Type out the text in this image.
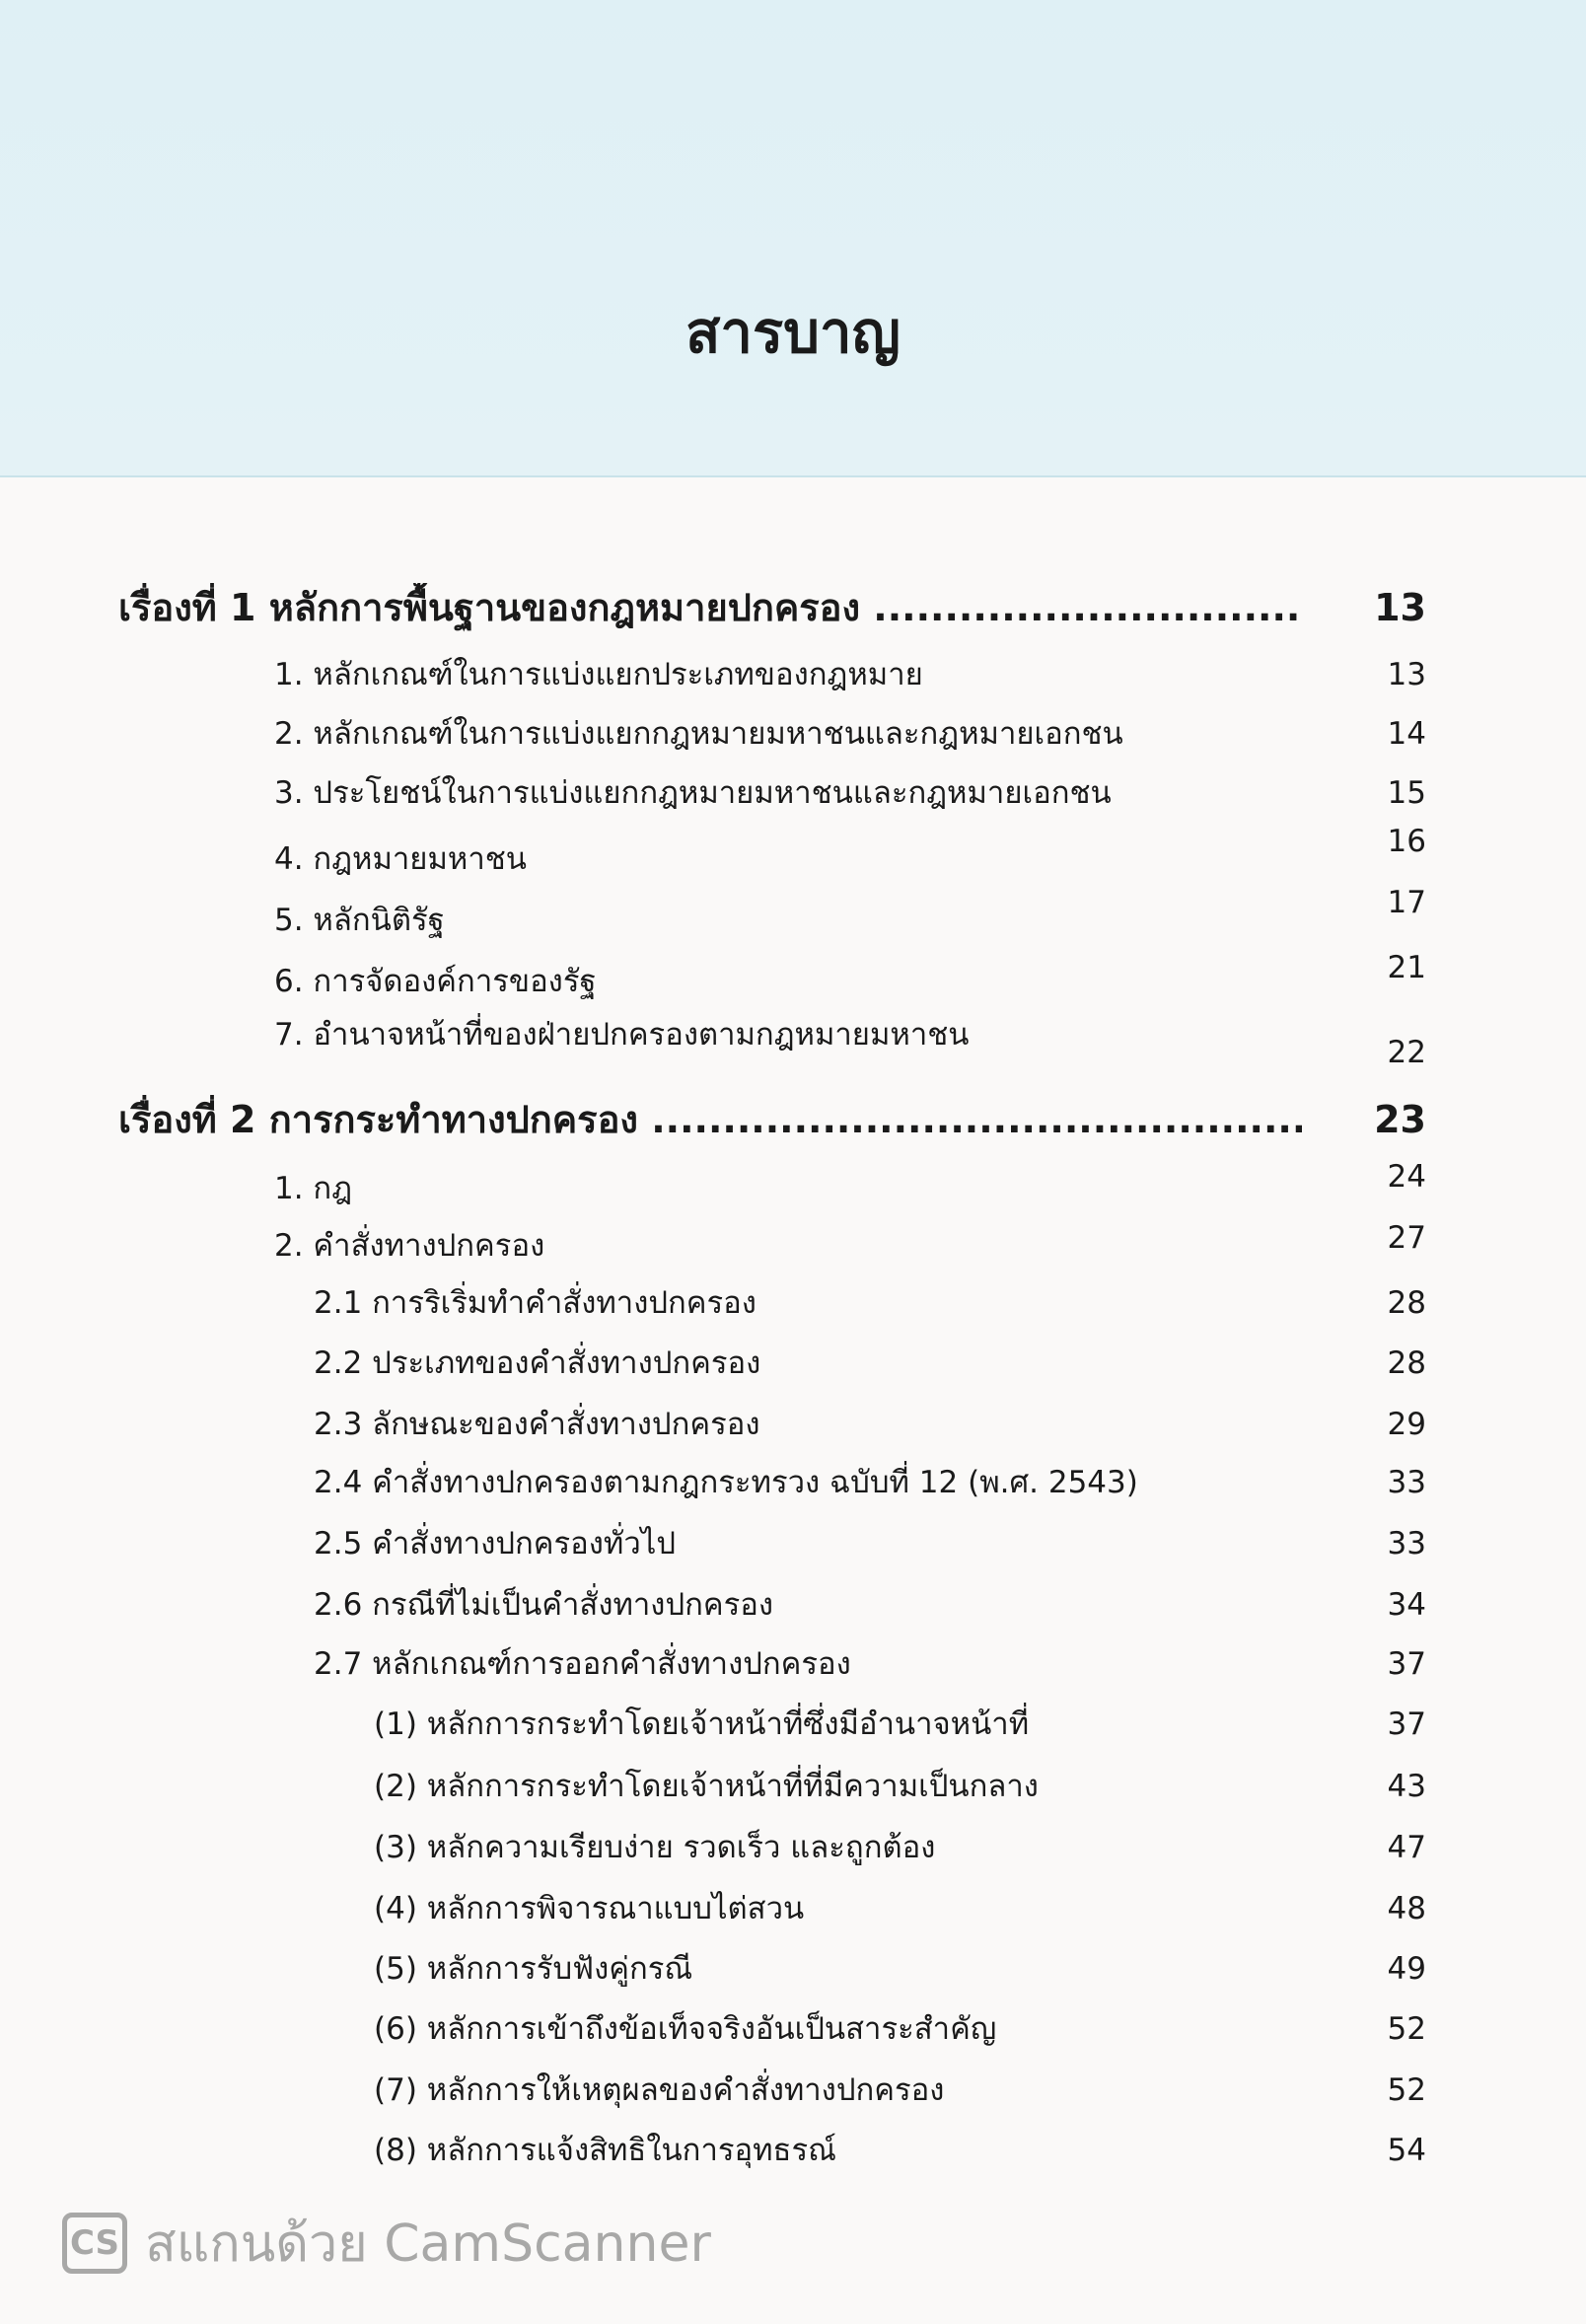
สารบาญ
เรื่องที่ 1 หลักการพื้นฐานของกฎหมายปกครอง .....	13
1. หลักเกณฑ์ในการแบ่งแยกประเภทของกฎหมาย	13
2. หลักเกณฑ์ในการแบ่งแยกกฎหมายมหาชนและกฎหมายเอกชน	14
3. ประโยชน์ในการแบ่งแยกกฎหมายมหาชนและกฎหมายเอกชน	15
4. กฎหมายมหาชน	16
5. หลักนิติรัฐ	17
6. การจัดองค์การของรัฐ	21
7. อำนาจหน้าที่ของฝ่ายปกครองตามกฎหมายมหาชน	22
เรื่องที่ 2 การกระทำทางปกครอง .....	23
1. กฎ	24
2. คำสั่งทางปกครอง	27
2.1 การริเริ่มทำคำสั่งทางปกครอง	28
2.2 ประเภทของคำสั่งทางปกครอง	28
2.3 ลักษณะของคำสั่งทางปกครอง	29
2.4 คำสั่งทางปกครองตามกฎกระทรวง ฉบับที่ 12 (พ.ศ. 2543)	33
2.5 คำสั่งทางปกครองทั่วไป	33
2.6 กรณีที่ไม่เป็นคำสั่งทางปกครอง	34
2.7 หลักเกณฑ์การออกคำสั่งทางปกครอง	37
(1) หลักการกระทำโดยเจ้าหน้าที่ซึ่งมีอำนาจหน้าที่	37
(2) หลักการกระทำโดยเจ้าหน้าที่ที่มีความเป็นกลาง	43
(3) หลักความเรียบง่าย รวดเร็ว และถูกต้อง	47
(4) หลักการพิจารณาแบบไต่สวน	48
(5) หลักการรับฟังคู่กรณี	49
(6) หลักการเข้าถึงข้อเท็จจริงอันเป็นสาระสำคัญ	52
(7) หลักการให้เหตุผลของคำสั่งทางปกครอง	52
(8) หลักการแจ้งสิทธิในการอุทธรณ์	54
CS สแกนด้วย CamScanner
